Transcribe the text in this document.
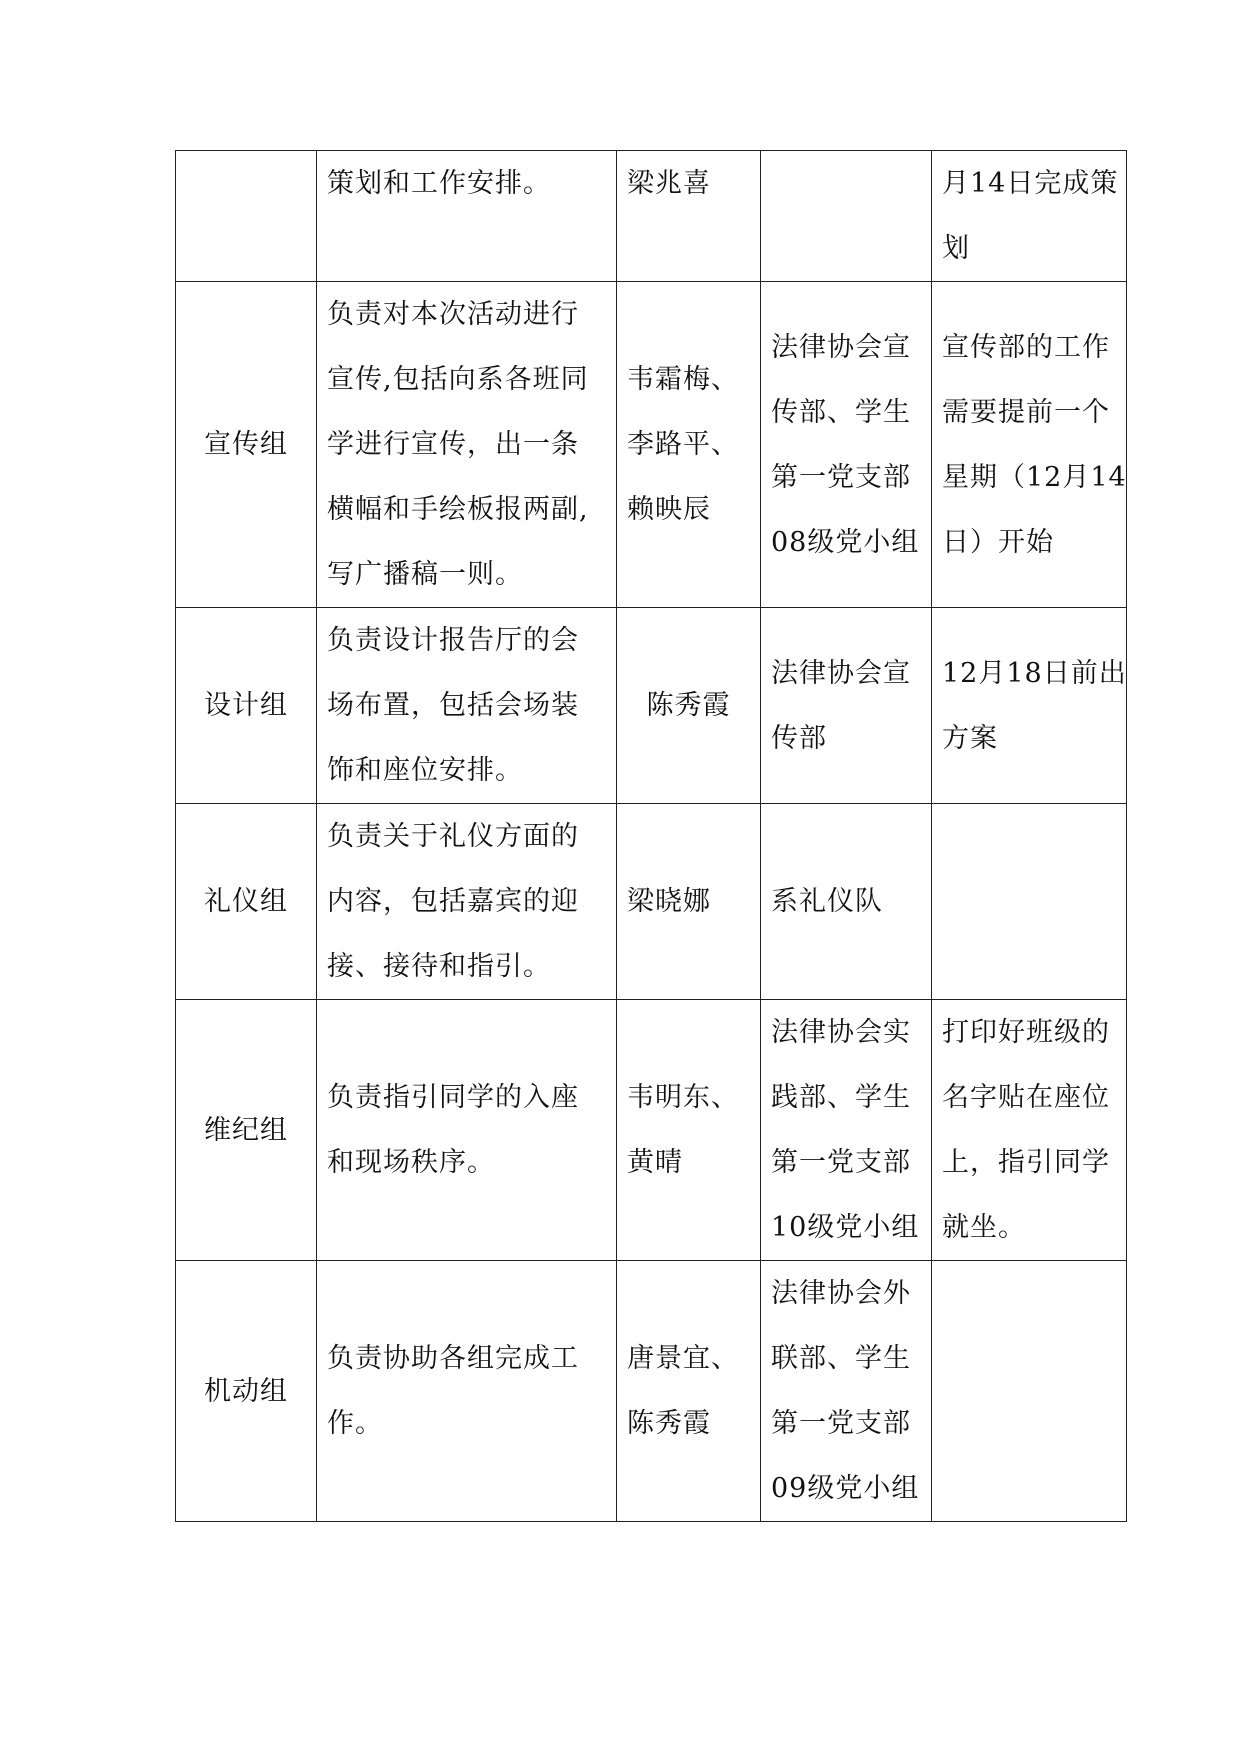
	策划和工作安排。	梁兆喜		月14日完成策
划

宣传组	负责对本次活动进行
宣传,包括向系各班同
学进行宣传，出一条
横幅和手绘板报两副,
写广播稿一则。	韦霜梅、
李路平、
赖映辰	法律协会宣
传部、学生
第一党支部
08级党小组	宣传部的工作
需要提前一个
星期（12月14
日）开始

设计组	负责设计报告厅的会
场布置，包括会场装
饰和座位安排。	陈秀霞	法律协会宣
传部	12月18日前出
方案

礼仪组	负责关于礼仪方面的
内容，包括嘉宾的迎
接、接待和指引。	梁晓娜	系礼仪队	

维纪组	负责指引同学的入座
和现场秩序。	韦明东、
黄晴	法律协会实
践部、学生
第一党支部
10级党小组	打印好班级的
名字贴在座位
上，指引同学
就坐。

机动组	负责协助各组完成工
作。	唐景宜、
陈秀霞	法律协会外
联部、学生
第一党支部
09级党小组	
